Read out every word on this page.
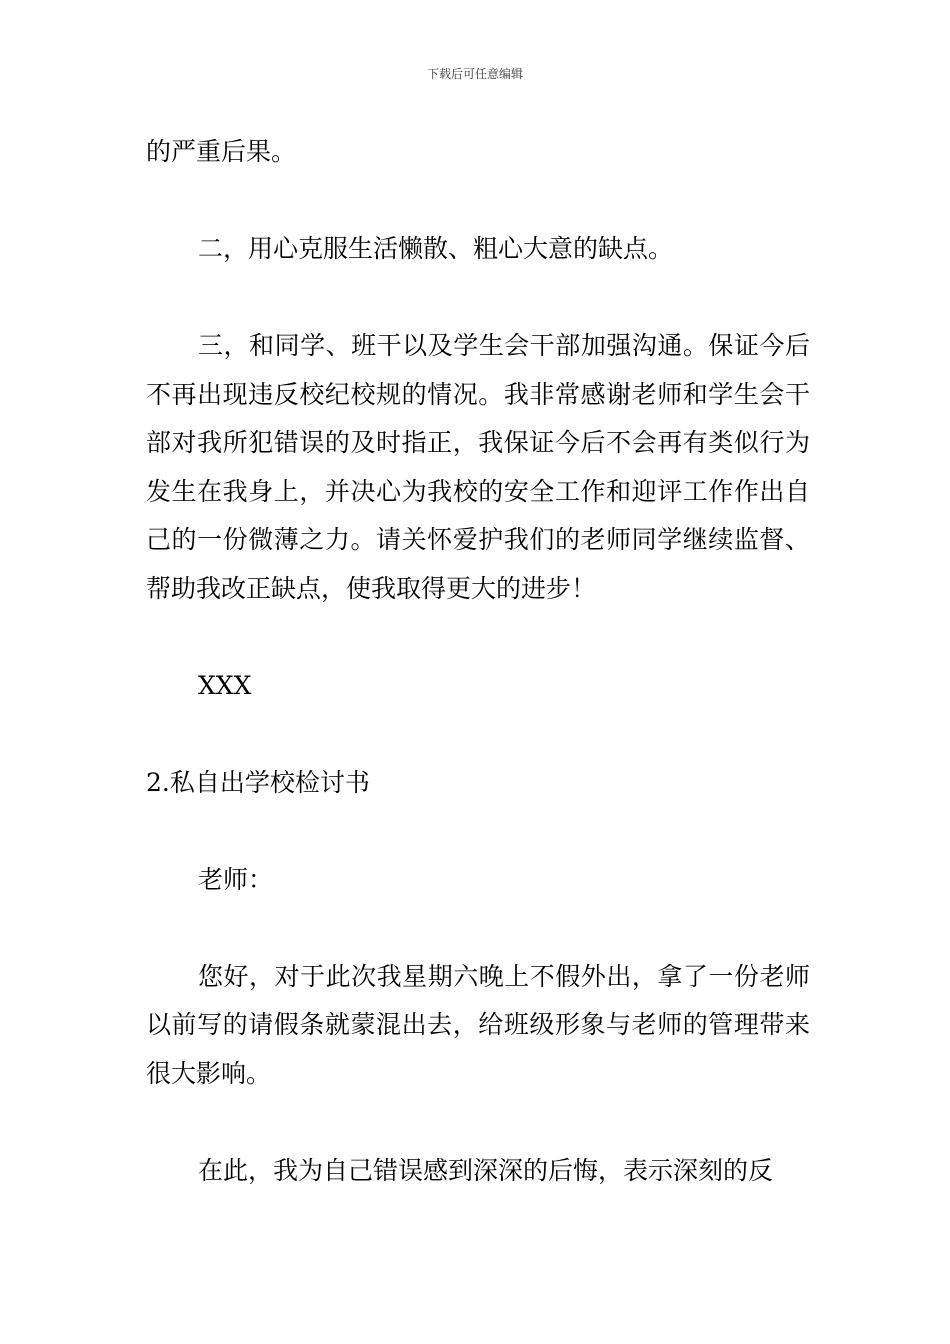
下载后可任意编辑

的严重后果。

二，用心克服生活懒散、粗心大意的缺点。

三，和同学、班干以及学生会干部加强沟通。保证今后不再出现违反校纪校规的情况。我非常感谢老师和学生会干部对我所犯错误的及时指正，我保证今后不会再有类似行为发生在我身上，并决心为我校的安全工作和迎评工作作出自己的一份微薄之力。请关怀爱护我们的老师同学继续监督、帮助我改正缺点，使我取得更大的进步！

XXX

2.私自出学校检讨书

老师：

您好，对于此次我星期六晚上不假外出，拿了一份老师以前写的请假条就蒙混出去，给班级形象与老师的管理带来很大影响。

在此，我为自己错误感到深深的后悔，表示深刻的反
